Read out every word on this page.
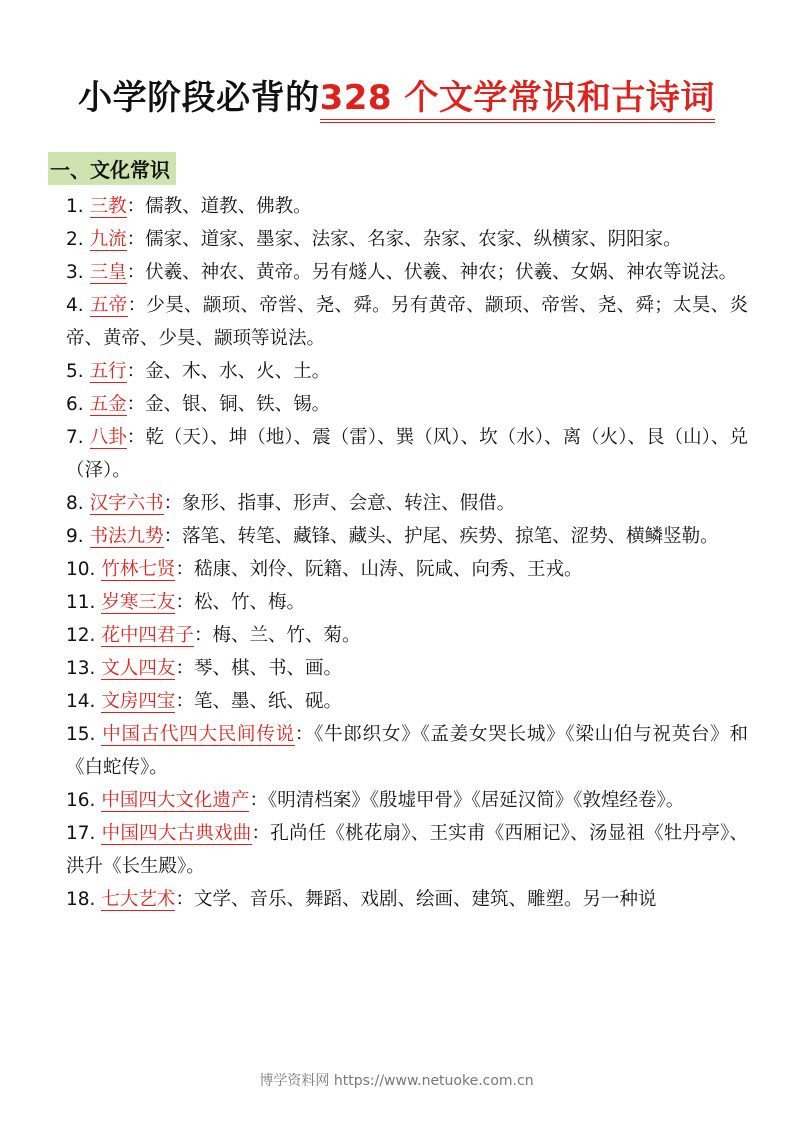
小学阶段必背的328 个文学常识和古诗词
一、文化常识
1. 三教：儒教、道教、佛教。
2. 九流：儒家、道家、墨家、法家、名家、杂家、农家、纵横家、阴阳家。
3. 三皇：伏羲、神农、黄帝。另有燧人、伏羲、神农；伏羲、女娲、神农等说法。
4. 五帝：少昊、颛顼、帝喾、尧、舜。另有黄帝、颛顼、帝喾、尧、舜；太昊、炎帝、黄帝、少昊、颛顼等说法。
5. 五行：金、木、水、火、土。
6. 五金：金、银、铜、铁、锡。
7. 八卦：乾（天）、坤（地）、震（雷）、巽（风）、坎（水）、离（火）、艮（山）、兑（泽）。
8. 汉字六书：象形、指事、形声、会意、转注、假借。
9. 书法九势：落笔、转笔、藏锋、藏头、护尾、疾势、掠笔、涩势、横鳞竖勒。
10. 竹林七贤：嵇康、刘伶、阮籍、山涛、阮咸、向秀、王戎。
11. 岁寒三友：松、竹、梅。
12. 花中四君子：梅、兰、竹、菊。
13. 文人四友：琴、棋、书、画。
14. 文房四宝：笔、墨、纸、砚。
15. 中国古代四大民间传说：《牛郎织女》《孟姜女哭长城》《梁山伯与祝英台》和《白蛇传》。
16. 中国四大文化遗产：《明清档案》《殷墟甲骨》《居延汉简》《敦煌经卷》。
17. 中国四大古典戏曲：孔尚任《桃花扇》、王实甫《西厢记》、汤显祖《牡丹亭》、洪升《长生殿》。
18. 七大艺术：文学、音乐、舞蹈、戏剧、绘画、建筑、雕塑。另一种说
博学资料网 https://www.netuoke.com.cn
